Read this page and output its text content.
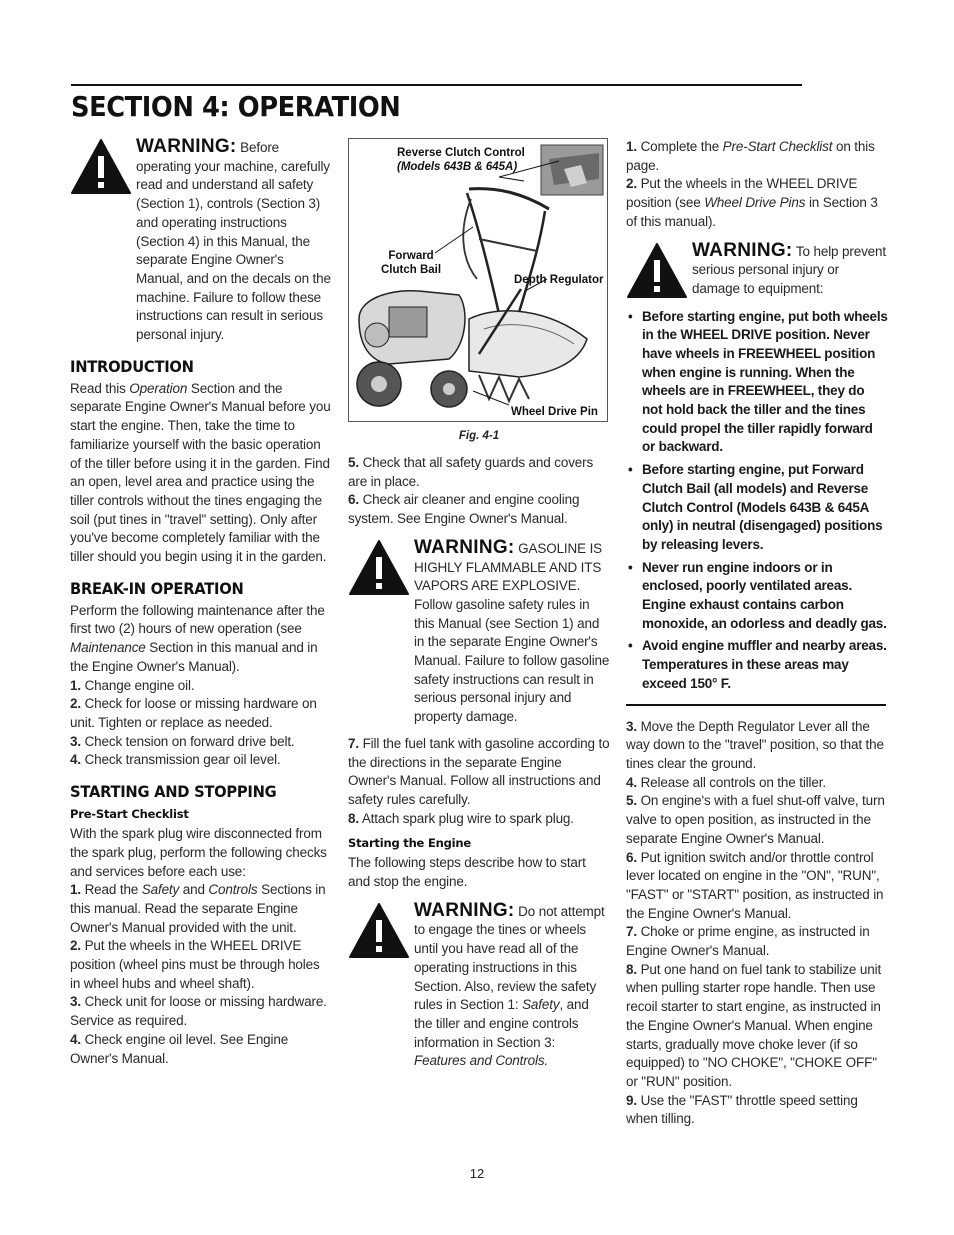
SECTION 4: OPERATION

WARNING: Before operating your machine, carefully read and understand all safety (Section 1), controls (Section 3) and operating instructions (Section 4) in this Manual, the separate Engine Owner's Manual, and on the decals on the machine. Failure to follow these instructions can result in serious personal injury.

INTRODUCTION

Read this Operation Section and the separate Engine Owner's Manual before you start the engine. Then, take the time to familiarize yourself with the basic operation of the tiller before using it in the garden. Find an open, level area and practice using the tiller controls without the tines engaging the soil (put tines in "travel" setting). Only after you've become completely familiar with the tiller should you begin using it in the garden.

BREAK-IN OPERATION

Perform the following maintenance after the first two (2) hours of new operation (see Maintenance Section in this manual and in the Engine Owner's Manual).

1. Change engine oil.

2. Check for loose or missing hardware on unit. Tighten or replace as needed.

3. Check tension on forward drive belt.

4. Check transmission gear oil level.

STARTING AND STOPPING
Pre-Start Checklist

With the spark plug wire disconnected from the spark plug, perform the following checks and services before each use:

1. Read the Safety and Controls Sections in this manual. Read the separate Engine Owner's Manual provided with the unit.

2. Put the wheels in the WHEEL DRIVE position (wheel pins must be through holes in wheel hubs and wheel shaft).

3. Check unit for loose or missing hardware. Service as required.

4. Check engine oil level. See Engine Owner's Manual.

Reverse Clutch Control
(Models 643B & 645A)
Forward
Clutch Bail
Depth Regulator
Wheel Drive Pin
Fig. 4-1

5. Check that all safety guards and covers are in place.

6. Check air cleaner and engine cooling system. See Engine Owner's Manual.

WARNING: GASOLINE IS HIGHLY FLAMMABLE AND ITS VAPORS ARE EXPLOSIVE. Follow gasoline safety rules in this Manual (see Section 1) and in the separate Engine Owner's Manual. Failure to follow gasoline safety instructions can result in serious personal injury and property damage.

7. Fill the fuel tank with gasoline according to the directions in the separate Engine Owner's Manual. Follow all instructions and safety rules carefully.

8. Attach spark plug wire to spark plug.

Starting the Engine

The following steps describe how to start and stop the engine.

WARNING: Do not attempt to engage the tines or wheels until you have read all of the operating instructions in this Section. Also, review the safety rules in Section 1: Safety, and the tiller and engine controls information in Section 3: Features and Controls.

1. Complete the Pre-Start Checklist on this page.

2. Put the wheels in the WHEEL DRIVE position (see Wheel Drive Pins in Section 3 of this manual).

WARNING: To help prevent serious personal injury or damage to equipment:

• Before starting engine, put both wheels in the WHEEL DRIVE position. Never have wheels in FREEWHEEL position when engine is running. When the wheels are in FREEWHEEL, they do not hold back the tiller and the tines could propel the tiller rapidly forward or backward.
• Before starting engine, put Forward Clutch Bail (all models) and Reverse Clutch Control (Models 643B & 645A only) in neutral (disengaged) positions by releasing levers.
• Never run engine indoors or in enclosed, poorly ventilated areas. Engine exhaust contains carbon monoxide, an odorless and deadly gas.
• Avoid engine muffler and nearby areas. Temperatures in these areas may exceed 150° F.

3. Move the Depth Regulator Lever all the way down to the "travel" position, so that the tines clear the ground.

4. Release all controls on the tiller.

5. On engine's with a fuel shut-off valve, turn valve to open position, as instructed in the separate Engine Owner's Manual.

6. Put ignition switch and/or throttle control lever located on engine in the "ON", "RUN", "FAST" or "START" position, as instructed in the Engine Owner's Manual.

7. Choke or prime engine, as instructed in Engine Owner's Manual.

8. Put one hand on fuel tank to stabilize unit when pulling starter rope handle. Then use recoil starter to start engine, as instructed in the Engine Owner's Manual. When engine starts, gradually move choke lever (if so equipped) to "NO CHOKE", "CHOKE OFF" or "RUN" position.

9. Use the "FAST" throttle speed setting when tilling.

12
